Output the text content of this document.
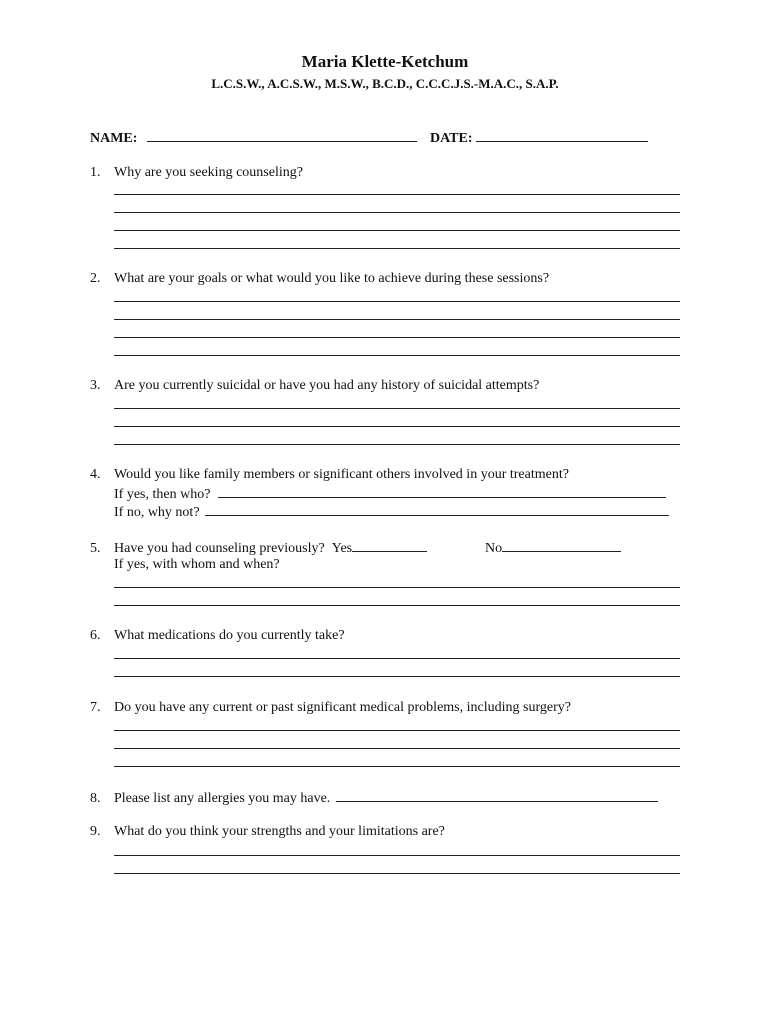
Maria Klette-Ketchum
L.C.S.W., A.C.S.W., M.S.W., B.C.D., C.C.C.J.S.-M.A.C., S.A.P.
NAME:	DATE:
1. Why are you seeking counseling?
2. What are your goals or what would you like to achieve during these sessions?
3. Are you currently suicidal or have you had any history of suicidal attempts?
4. Would you like family members or significant others involved in your treatment?
If yes, then who?
If no, why not?
5. Have you had counseling previously? Yes	No
If yes, with whom and when?
6. What medications do you currently take?
7. Do you have any current or past significant medical problems, including surgery?
8. Please list any allergies you may have.
9. What do you think your strengths and your limitations are?
